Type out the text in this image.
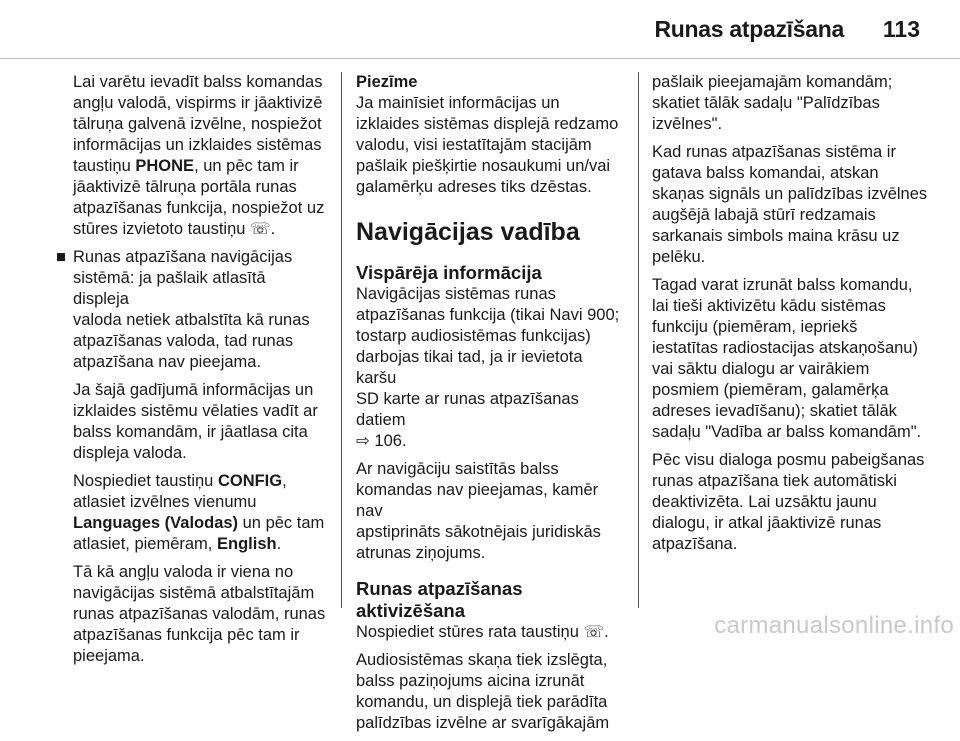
Runas atpazīšana 113

Lai varētu ievadīt balss komandas
angļu valodā, vispirms ir jāaktivizē
tālruņa galvenā izvēlne, nospiežot
informācijas un izklaides sistēmas
taustiņu PHONE, un pēc tam ir
jāaktivizē tālruņa portāla runas
atpazīšanas funkcija, nospiežot uz
stūres izvietoto taustiņu ☏.

■ Runas atpazīšana navigācijas
sistēmā: ja pašlaik atlasītā displeja
valoda netiek atbalstīta kā runas
atpazīšanas valoda, tad runas
atpazīšana nav pieejama.

Ja šajā gadījumā informācijas un
izklaides sistēmu vēlaties vadīt ar
balss komandām, ir jāatlasa cita
displeja valoda.

Nospiediet taustiņu CONFIG,
atlasiet izvēlnes vienumu
Languages (Valodas) un pēc tam
atlasiet, piemēram, English.

Tā kā angļu valoda ir viena no
navigācijas sistēmā atbalstītajām
runas atpazīšanas valodām, runas
atpazīšanas funkcija pēc tam ir
pieejama.

Piezīme

Ja mainīsiet informācijas un
izklaides sistēmas displejā redzamo
valodu, visi iestatītajām stacijām
pašlaik piešķirtie nosaukumi un/vai
galamērķu adreses tiks dzēstas.

Navigācijas vadība
Vispārēja informācija

Navigācijas sistēmas runas
atpazīšanas funkcija (tikai Navi 900;
tostarp audiosistēmas funkcijas)
darbojas tikai tad, ja ir ievietota karšu
SD karte ar runas atpazīšanas datiem
⇨ 106.

Ar navigāciju saistītās balss
komandas nav pieejamas, kamēr nav
apstiprināts sākotnējais juridiskās
atrunas ziņojums.

Runas atpazīšanas
aktivizēšana

Nospiediet stūres rata taustiņu ☏.

Audiosistēmas skaņa tiek izslēgta,
balss paziņojums aicina izrunāt
komandu, un displejā tiek parādīta
palīdzības izvēlne ar svarīgākajām

pašlaik pieejamajām komandām;
skatiet tālāk sadaļu "Palīdzības
izvēlnes".

Kad runas atpazīšanas sistēma ir
gatava balss komandai, atskan
skaņas signāls un palīdzības izvēlnes
augšējā labajā stūrī redzamais
sarkanais simbols maina krāsu uz
pelēku.

Tagad varat izrunāt balss komandu,
lai tieši aktivizētu kādu sistēmas
funkciju (piemēram, iepriekš
iestatītas radiostacijas atskaņošanu)
vai sāktu dialogu ar vairākiem
posmiem (piemēram, galamērķa
adreses ievadīšanu); skatiet tālāk
sadaļu "Vadība ar balss komandām".

Pēc visu dialoga posmu pabeigšanas
runas atpazīšana tiek automātiski
deaktivizēta. Lai uzsāktu jaunu
dialogu, ir atkal jāaktivizē runas
atpazīšana.

carmanualsonline.info
